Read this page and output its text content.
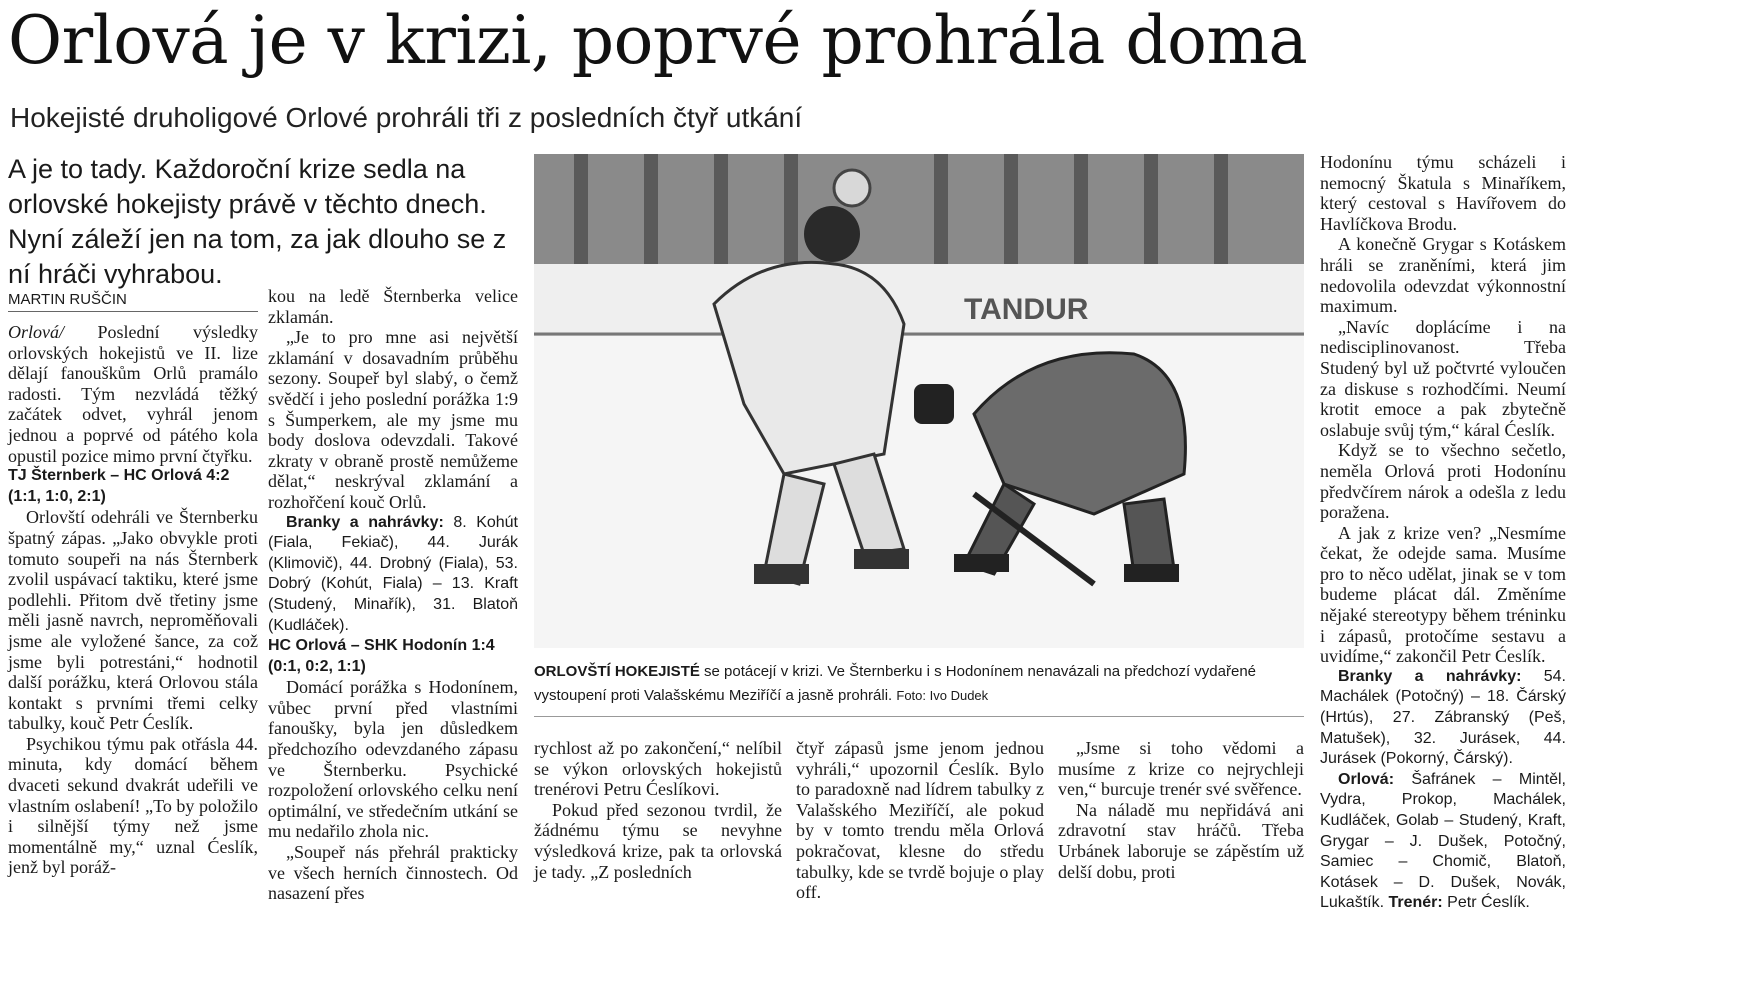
Orlová je v krizi, poprvé prohrála doma

Hokejisté druholigové Orlové prohráli tři z posledních čtyř utkání

A je to tady. Každoroční krize sedla na orlovské hokejisty právě v těchto dnech. Nyní záleží jen na tom, za jak dlouho se z ní hráči vyhrabou.

MARTIN RUŠČIN

Orlová/ Poslední výsledky orlovských hokejistů ve II. lize dělají fanouškům Orlů pramálo radosti. Tým nezvládá těžký začátek odvet, vyhrál jenom jednou a poprvé od pátého kola opustil pozice mimo první čtyřku.

TJ Šternberk – HC Orlová 4:2

(1:1, 1:0, 2:1)

Orlovští odehráli ve Šternberku špatný zápas. „Jako obvykle proti tomuto soupeři na nás Šternberk zvolil uspávací taktiku, které jsme podlehli. Přitom dvě třetiny jsme měli jasně navrch, neproměňovali jsme ale vyložené šance, za což jsme byli potrestáni,“ hodnotil další porážku, která Orlovou stála kontakt s prvními třemi celky tabulky, kouč Petr Ćeslík.

Psychikou týmu pak otřásla 44. minuta, kdy domácí během dvaceti sekund dvakrát udeřili ve vlastním oslabení! „To by položilo i silnější týmy než jsme momentálně my,“ uznal Ćeslík, jenž byl poráž-

kou na ledě Šternberka velice zklamán.

„Je to pro mne asi největší zklamání v dosavadním průběhu sezony. Soupeř byl slabý, o čemž svědčí i jeho poslední porážka 1:9 s Šumperkem, ale my jsme mu body doslova odevzdali. Takové zkraty v obraně prostě nemůžeme dělat,“ neskrýval zklamání a rozhořčení kouč Orlů.

Branky a nahrávky: 8. Kohút (Fiala, Fekiač), 44. Jurák (Klimovič), 44. Drobný (Fiala), 53. Dobrý (Kohút, Fiala) – 13. Kraft (Studený, Minařík), 31. Blatoň (Kudláček).

HC Orlová – SHK Hodonín 1:4

(0:1, 0:2, 1:1)

Domácí porážka s Hodonínem, vůbec první před vlastními fanoušky, byla jen důsledkem předchozího odevzdaného zápasu ve Šternberku. Psychické rozpoložení orlovského celku není optimální, ve středečním utkání se mu nedařilo zhola nic.

„Soupeř nás přehrál prakticky ve všech herních činnostech. Od nasazení přes

TANDUR

ORLOVŠTÍ HOKEJISTÉ se potácejí v krizi. Ve Šternberku i s Hodonínem nenavázali na předchozí vydařené vystoupení proti Valašskému Meziříčí a jasně prohráli. Foto: Ivo Dudek

rychlost až po zakončení,“ nelíbil se výkon orlovských hokejistů trenérovi Petru Ćeslíkovi.

Pokud před sezonou tvrdil, že žádnému týmu se nevyhne výsledková krize, pak ta orlovská je tady. „Z posledních

čtyř zápasů jsme jenom jednou vyhráli,“ upozornil Ćeslík. Bylo to paradoxně nad lídrem tabulky z Valašského Meziříčí, ale pokud by v tomto trendu měla Orlová pokračovat, klesne do středu tabulky, kde se tvrdě bojuje o play off.

„Jsme si toho vědomi a musíme z krize co nejrychleji ven,“ burcuje trenér své svěřence.

Na náladě mu nepřidává ani zdravotní stav hráčů. Třeba Urbánek laboruje se zápěstím už delší dobu, proti

Hodonínu týmu scházeli i nemocný Škatula s Minaříkem, který cestoval s Havířovem do Havlíčkova Brodu.

A konečně Grygar s Kotáskem hráli se zraněními, která jim nedovolila odevzdat výkonnostní maximum.

„Navíc doplácíme i na nedisciplinovanost. Třeba Studený byl už počtvrté vyloučen za diskuse s rozhodčími. Neumí krotit emoce a pak zbytečně oslabuje svůj tým,“ káral Ćeslík.

Když se to všechno sečetlo, neměla Orlová proti Hodonínu předvčírem nárok a odešla z ledu poražena.

A jak z krize ven? „Nesmíme čekat, že odejde sama. Musíme pro to něco udělat, jinak se v tom budeme plácat dál. Změníme nějaké stereotypy během tréninku i zápasů, protočíme sestavu a uvidíme,“ zakončil Petr Ćeslík.

Branky a nahrávky: 54. Machálek (Potočný) – 18. Čárský (Hrtús), 27. Zábranský (Peš, Matušek), 32. Jurásek, 44. Jurásek (Pokorný, Čárský).

Orlová: Šafránek – Mintěl, Vydra, Prokop, Machálek, Kudláček, Golab – Studený, Kraft, Grygar – J. Dušek, Potočný, Samiec – Chomič, Blatoň, Kotásek – D. Dušek, Novák, Lukaštík. Trenér: Petr Ćeslík.
